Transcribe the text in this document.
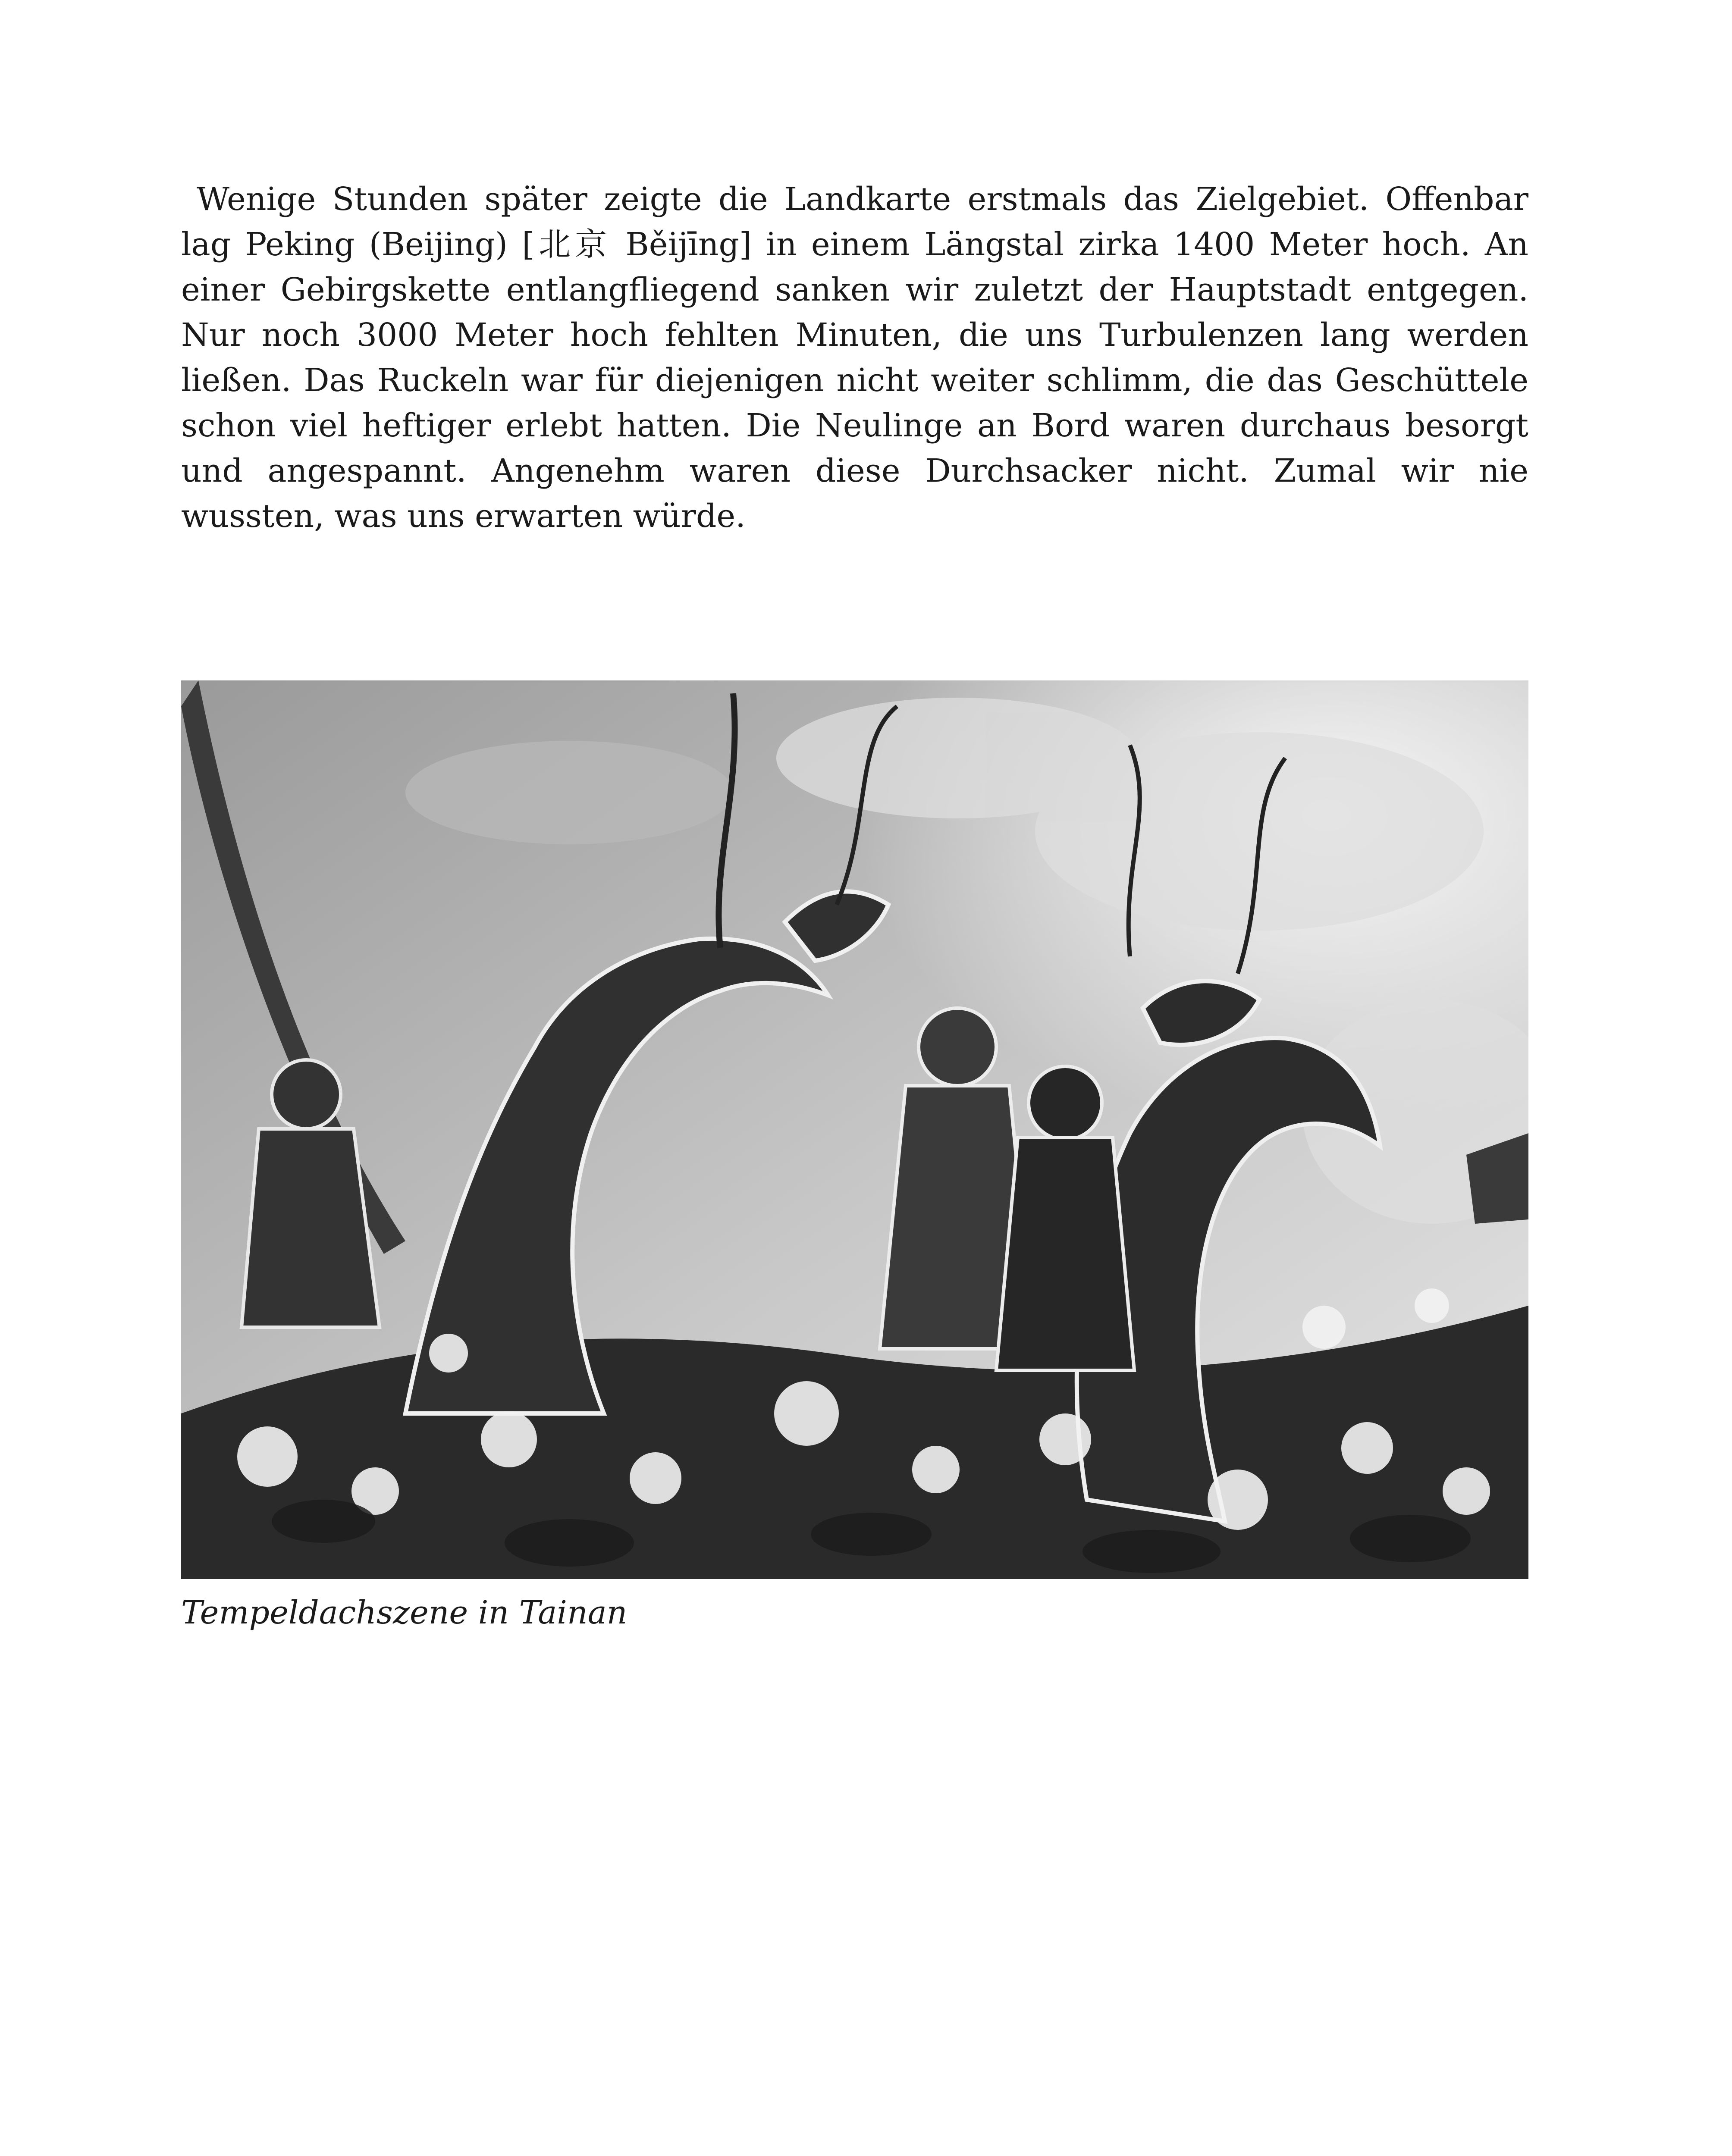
Wenige Stunden später zeigte die Landkarte erstmals das Zielgebiet. Offenbar lag Peking (Beijing) [北京 Běijīng] in einem Längstal zirka 1400 Meter hoch. An einer Gebirgskette entlangfliegend sanken wir zuletzt der Hauptstadt entgegen. Nur noch 3000 Meter hoch fehlten Minuten, die uns Turbulenzen lang werden ließen. Das Ruckeln war für diejenigen nicht weiter schlimm, die das Geschüttele schon viel heftiger erlebt hatten. Die Neulinge an Bord waren durchaus besorgt und angespannt. Angenehm waren diese Durchsacker nicht. Zumal wir nie wussten, was uns erwarten würde.

Tempeldachszene in Tainan
